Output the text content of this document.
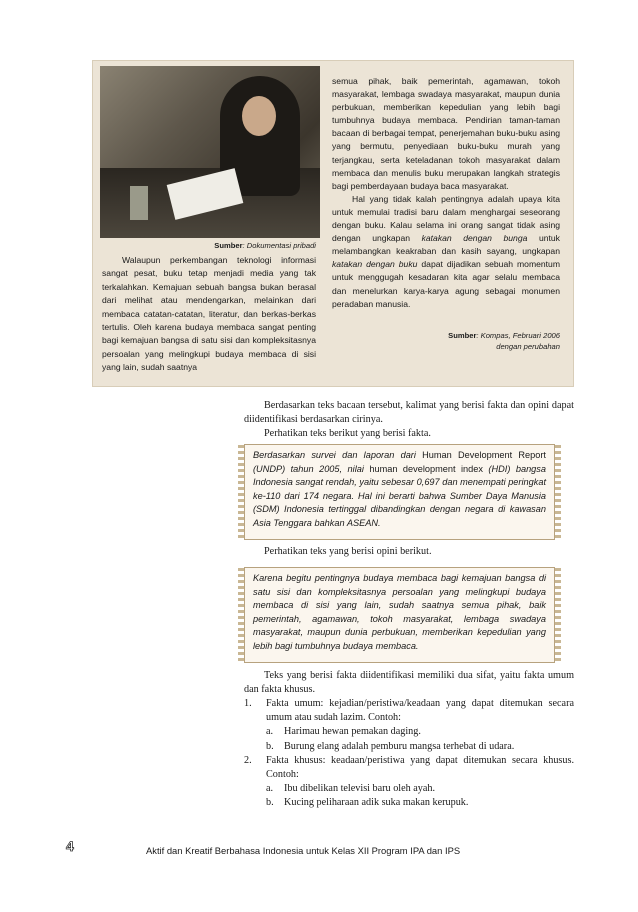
Sumber: Dokumentasi pribadi

Walaupun perkembangan teknologi informasi sangat pesat, buku tetap menjadi media yang tak terkalahkan. Kemajuan sebuah bangsa bukan berasal dari melihat atau mendengarkan, melainkan dari membaca catatan-catatan, literatur, dan berkas-berkas tertulis. Oleh karena budaya membaca sangat penting bagi kemajuan bangsa di satu sisi dan kompleksitasnya persoalan yang melingkupi budaya membaca di sisi yang lain, sudah saatnya

semua pihak, baik pemerintah, agamawan, tokoh masyarakat, lembaga swadaya masyarakat, maupun dunia perbukuan, memberikan kepedulian yang lebih bagi tumbuhnya budaya membaca. Pendirian taman-taman bacaan di berbagai tempat, penerjemahan buku-buku asing yang bermutu, penyediaan buku-buku murah yang terjangkau, serta keteladanan tokoh masyarakat dalam membaca dan menulis buku merupakan langkah strategis bagi pemberdayaan budaya baca masyarakat.

Hal yang tidak kalah pentingnya adalah upaya kita untuk memulai tradisi baru dalam menghargai seseorang dengan buku. Kalau selama ini orang sangat tidak asing dengan ungkapan katakan dengan bunga untuk melambangkan keakraban dan kasih sayang, ungkapan katakan dengan buku dapat dijadikan sebuah momentum untuk menggugah kesadaran kita agar selalu membaca dan menelurkan karya-karya agung sebagai monumen peradaban manusia.

Sumber: Kompas, Februari 2006
dengan perubahan

Berdasarkan teks bacaan tersebut, kalimat yang berisi fakta dan opini dapat diidentifikasi berdasarkan cirinya.

Perhatikan teks berikut yang berisi fakta.

Berdasarkan survei dan laporan dari Human Development Report (UNDP) tahun 2005, nilai human development index (HDI) bangsa Indonesia sangat rendah, yaitu sebesar 0,697 dan menempati peringkat ke-110 dari 174 negara. Hal ini berarti bahwa Sumber Daya Manusia (SDM) Indonesia tertinggal dibandingkan dengan negara di kawasan Asia Tenggara bahkan ASEAN.

Perhatikan teks yang berisi opini berikut.

Karena begitu pentingnya budaya membaca bagi kemajuan bangsa di satu sisi dan kompleksitasnya persoalan yang melingkupi budaya membaca di sisi yang lain, sudah saatnya semua pihak, baik pemerintah, agamawan, tokoh masyarakat, lembaga swadaya masyarakat, maupun dunia perbukuan, memberikan kepedulian yang lebih bagi tumbuhnya budaya membaca.

Teks yang berisi fakta diidentifikasi memiliki dua sifat, yaitu fakta umum dan fakta khusus.

1.	Fakta umum: kejadian/peristiwa/keadaan yang dapat ditemukan secara umum atau sudah lazim. Contoh:
a.	Harimau hewan pemakan daging.
b.	Burung elang adalah pemburu mangsa terhebat di udara.
2.	Fakta khusus: keadaan/peristiwa yang dapat ditemukan secara khusus. Contoh:
a.	Ibu dibelikan televisi baru oleh ayah.
b.	Kucing peliharaan adik suka makan kerupuk.
4	Aktif dan Kreatif Berbahasa Indonesia untuk Kelas XII Program IPA dan IPS
